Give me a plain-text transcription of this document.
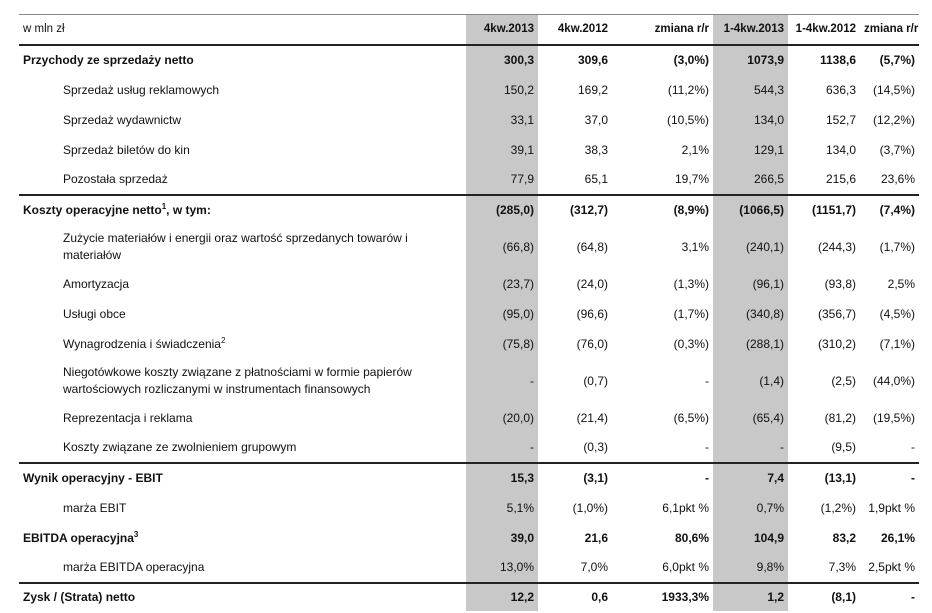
w mln zł	4kw.2013	4kw.2012	zmiana r/r	1-4kw.2013	1-4kw.2012	zmiana r/r
Przychody ze sprzedaży netto	300,3	309,6	(3,0%)	1073,9	1138,6	(5,7%)
Sprzedaż usług reklamowych	150,2	169,2	(11,2%)	544,3	636,3	(14,5%)
Sprzedaż wydawnictw	33,1	37,0	(10,5%)	134,0	152,7	(12,2%)
Sprzedaż biletów do kin	39,1	38,3	2,1%	129,1	134,0	(3,7%)
Pozostała sprzedaż	77,9	65,1	19,7%	266,5	215,6	23,6%
Koszty operacyjne netto$^1$, w tym:	(285,0)	(312,7)	(8,9%)	(1066,5)	(1151,7)	(7,4%)
Zużycie materiałów i energii oraz wartość sprzedanych towarów i materiałów	(66,8)	(64,8)	3,1%	(240,1)	(244,3)	(1,7%)
Amortyzacja	(23,7)	(24,0)	(1,3%)	(96,1)	(93,8)	2,5%
Usługi obce	(95,0)	(96,6)	(1,7%)	(340,8)	(356,7)	(4,5%)
Wynagrodzenia i świadczenia$^2$	(75,8)	(76,0)	(0,3%)	(288,1)	(310,2)	(7,1%)
Niegotówkowe koszty związane z płatnościami w formie papierów wartościowych rozliczanymi w instrumentach finansowych	-	(0,7)	-	(1,4)	(2,5)	(44,0%)
Reprezentacja i reklama	(20,0)	(21,4)	(6,5%)	(65,4)	(81,2)	(19,5%)
Koszty związane ze zwolnieniem grupowym	-	(0,3)	-	-	(9,5)	-
Wynik operacyjny - EBIT	15,3	(3,1)	-	7,4	(13,1)	-
marża EBIT	5,1%	(1,0%)	6,1pkt %	0,7%	(1,2%)	1,9pkt %
EBITDA operacyjna$^3$	39,0	21,6	80,6%	104,9	83,2	26,1%
marża EBITDA operacyjna	13,0%	7,0%	6,0pkt %	9,8%	7,3%	2,5pkt %
Zysk / (Strata) netto	12,2	0,6	1933,3%	1,2	(8,1)	-
